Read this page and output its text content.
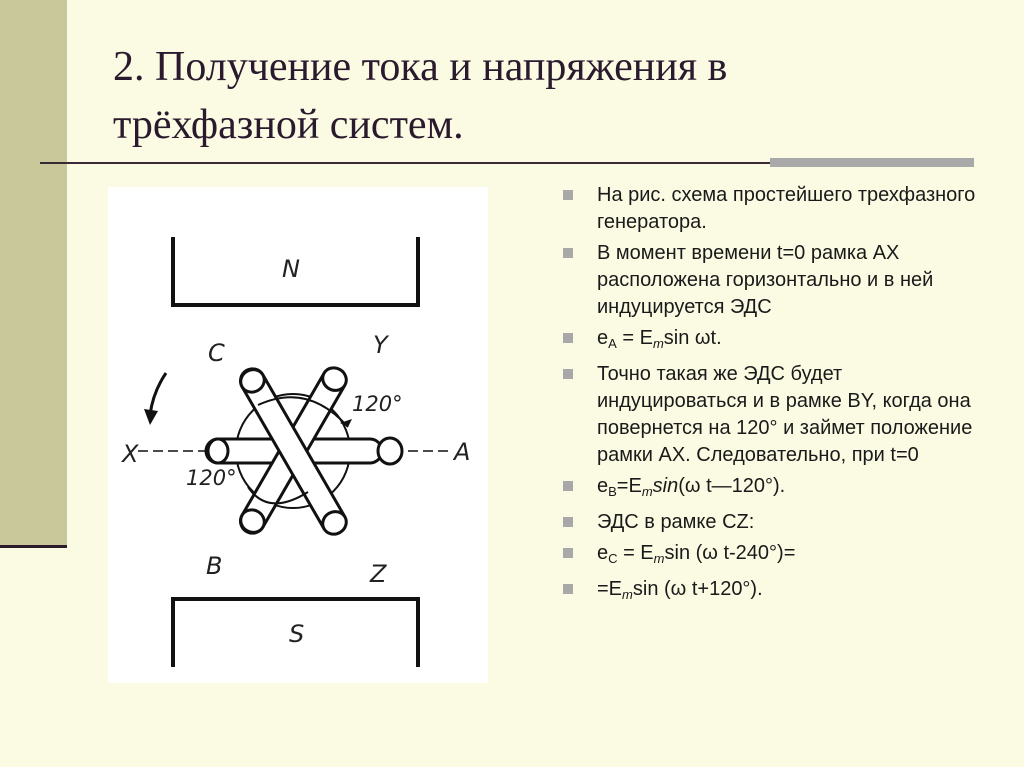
2. Получение тока и напряжения в
трёхфазной систем.
N
S
X	A
C	Y
B	Z
120°
120°
На рис. схема простейшего трехфазного генератора.
В момент времени t=0 рамка АХ расположена горизонтально и в ней индуцируется ЭДС
$e_A = E_m\sin$ ωt.
Точно такая же ЭДС будет индуцироваться и в рамке BY, когда она повернется на 120° и займет положение рамки АХ. Следовательно, при t=0
$e_B=E_m\sin(\omega$ t—120°).
ЭДС в рамке CZ:
$e_C = E_m\sin$ (ω t-240°)=
$=E_m\sin$ (ω t+120°).
